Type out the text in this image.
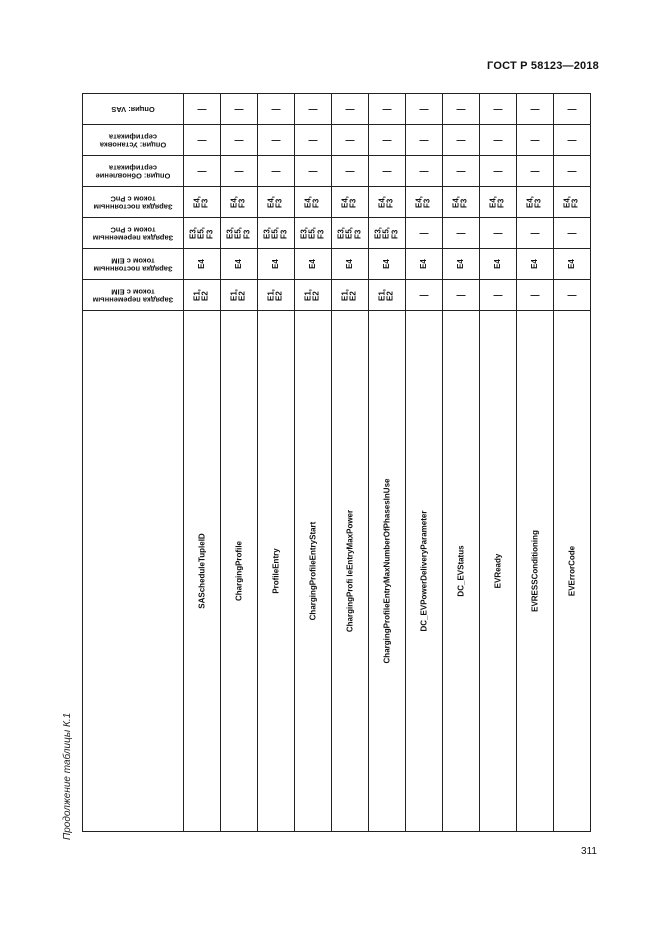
ГОСТ Р 58123—2018
Продолжение таблицы К.1
311
Опция: VAS	—	—	—	—	—	—	—	—	—	—	—

Опция: Установка сертификата	—	—	—	—	—	—	—	—	—	—	—

Опция: Обновление сертификата	—	—	—	—	—	—	—	—	—	—	—

Зарядка постоянным током с PnC	E4,
F3	E4,
F3	E4,
F3	E4,
F3	E4,
F3	E4,
F3	E4,
F3	E4,
F3	E4,
F3	E4,
F3	E4,
F3

Зарядка переменным током с PnC	E3,
E5,
F3	E3,
E5,
F3	E3,
E5,
F3	E3,
E5,
F3	E3,
E5,
F3	E3,
E5,
F3	—	—	—	—	—

Зарядка постоянным током с EIM	E4	E4	E4	E4	E4	E4	E4	E4	E4	E4	E4

Зарядка переменным током с EIM	E1,
E2	E1,
E2	E1,
E2	E1,
E2	E1,
E2	E1,
E2	—	—	—	—	—

	SAScheduleTupleID	ChargingProfile	ProfileEntry	ChargingProfileEntryStart	ChargingProfi leEntryMaxPower	ChargingProfileEntryMaxNumberOfPhasesInUse	DC_EVPowerDeliveryParameter	DC_EVStatus	EVReady	EVRESSConditioning	EVErrorCode
